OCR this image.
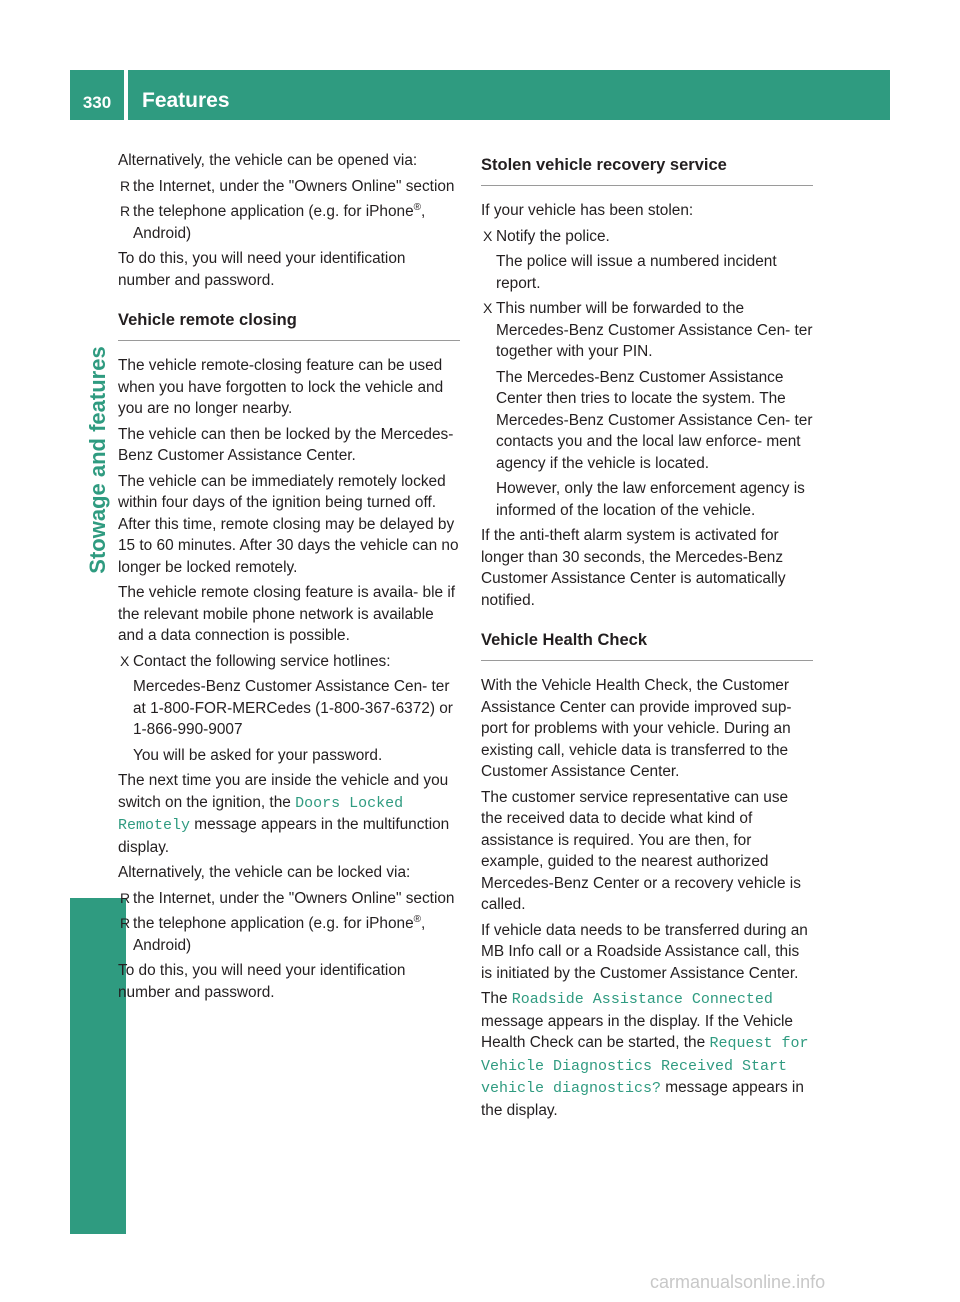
330	Features
Stowage and features

Alternatively, the vehicle can be opened via:

R the Internet, under the "Owners Online" section
R the telephone application (e.g. for iPhone®, Android)

To do this, you will need your identification number and password.

Vehicle remote closing

The vehicle remote-closing feature can be used when you have forgotten to lock the vehicle and you are no longer nearby.

The vehicle can then be locked by the Mercedes-Benz Customer Assistance Center.

The vehicle can be immediately remotely locked within four days of the ignition being turned off. After this time, remote closing may be delayed by 15 to 60 minutes. After 30 days the vehicle can no longer be locked remotely.

The vehicle remote closing feature is availa- ble if the relevant mobile phone network is available and a data connection is possible.

X Contact the following service hotlines:
Mercedes-Benz Customer Assistance Cen- ter at 1-800-FOR-MERCedes (1-800-367-6372) or 1-866-990-9007
You will be asked for your password.

The next time you are inside the vehicle and you switch on the ignition, the Doors Locked Remotely message appears in the multifunction display.

Alternatively, the vehicle can be locked via:

R the Internet, under the "Owners Online" section
R the telephone application (e.g. for iPhone®, Android)

To do this, you will need your identification number and password.

Stolen vehicle recovery service

If your vehicle has been stolen:

X Notify the police.
The police will issue a numbered incident report.
X This number will be forwarded to the Mercedes-Benz Customer Assistance Cen- ter together with your PIN.
The Mercedes-Benz Customer Assistance Center then tries to locate the system. The Mercedes-Benz Customer Assistance Cen- ter contacts you and the local law enforce- ment agency if the vehicle is located.
However, only the law enforcement agency is informed of the location of the vehicle.

If the anti-theft alarm system is activated for longer than 30 seconds, the Mercedes-Benz Customer Assistance Center is automatically notified.

Vehicle Health Check

With the Vehicle Health Check, the Customer Assistance Center can provide improved sup- port for problems with your vehicle. During an existing call, vehicle data is transferred to the Customer Assistance Center.

The customer service representative can use the received data to decide what kind of assistance is required. You are then, for example, guided to the nearest authorized Mercedes-Benz Center or a recovery vehicle is called.

If vehicle data needs to be transferred during an MB Info call or a Roadside Assistance call, this is initiated by the Customer Assistance Center.

The Roadside Assistance Connected message appears in the display. If the Vehicle Health Check can be started, the Request for Vehicle Diagnostics Received Start vehicle diagnostics? message appears in the display.

carmanualsonline.info
